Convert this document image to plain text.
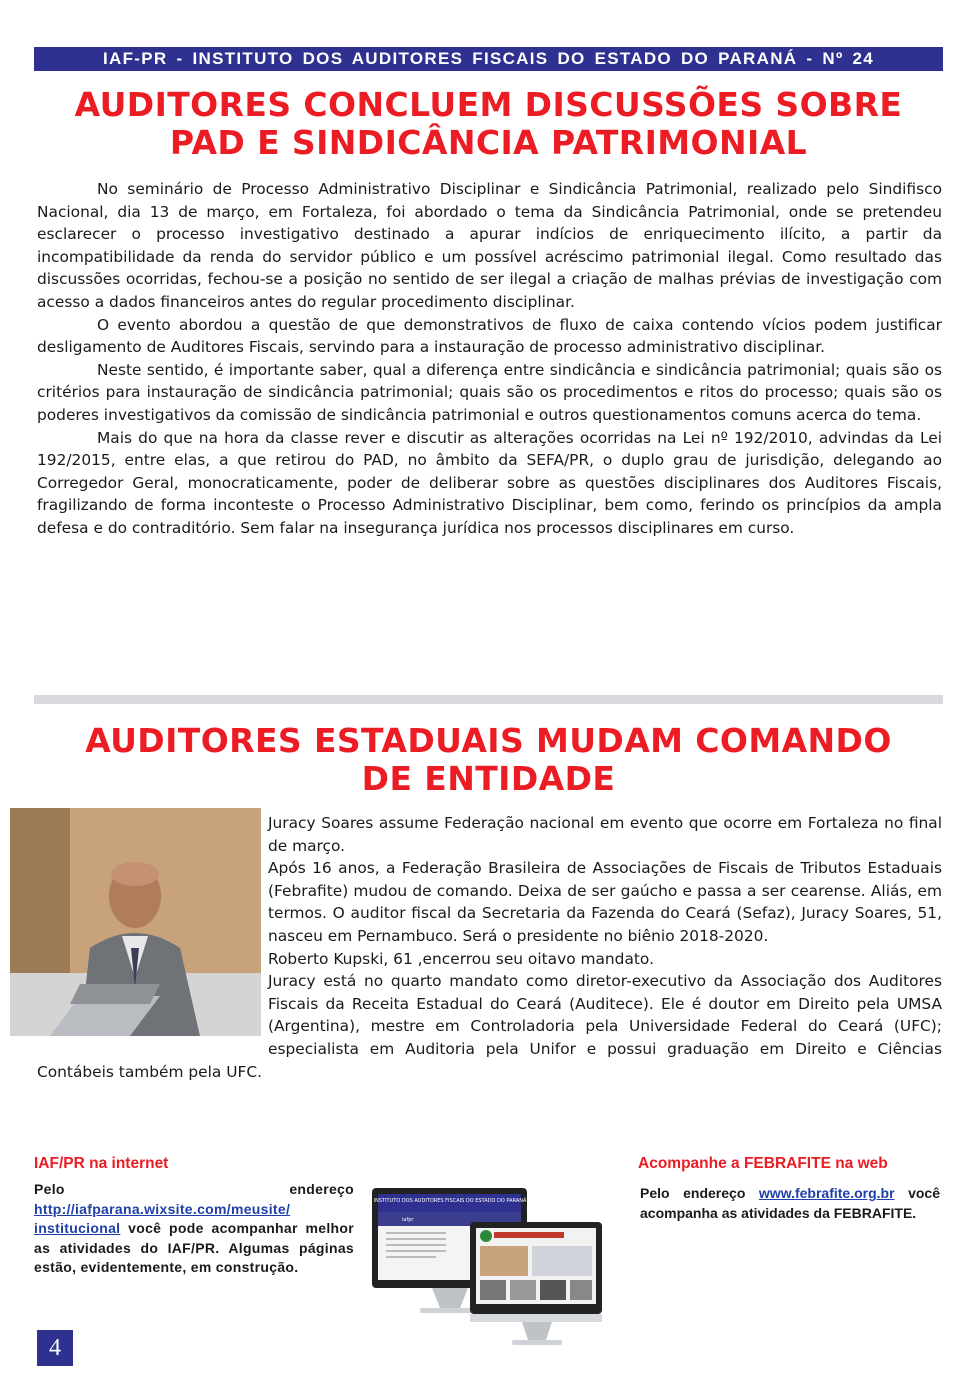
IAF-PR - INSTITUTO DOS AUDITORES FISCAIS DO ESTADO DO PARANÁ - Nº 24
AUDITORES CONCLUEM DISCUSSÕES SOBRE
PAD E SINDICÂNCIA PATRIMONIAL

No seminário de Processo Administrativo Disciplinar e Sindicância Patrimonial, realizado pelo Sindifisco Nacional, dia 13 de março, em Fortaleza, foi abordado o tema da Sindicância Patrimonial, onde se pretendeu esclarecer o processo investigativo destinado a apurar indícios de enriquecimento ilícito, a partir da incompatibilidade da renda do servidor público e um possível acréscimo patrimonial ilegal. Como resultado das discussões ocorridas, fechou-se a posição no sentido de ser ilegal a criação de malhas prévias de investigação com acesso a dados financeiros antes do regular procedimento disciplinar.

O evento abordou a questão de que demonstrativos de fluxo de caixa contendo vícios podem justificar desligamento de Auditores Fiscais, servindo para a instauração de processo administrativo disciplinar.

Neste sentido, é importante saber, qual a diferença entre sindicância e sindicância patrimonial; quais são os critérios para instauração de sindicância patrimonial; quais são os procedimentos e ritos do processo; quais são os poderes investigativos da comissão de sindicância patrimonial e outros questionamentos comuns acerca do tema.

Mais do que na hora da classe rever e discutir as alterações ocorridas na Lei nº 192/2010, advindas da Lei 192/2015, entre elas, a que retirou do PAD, no âmbito da SEFA/PR, o duplo grau de jurisdição, delegando ao Corregedor Geral, monocraticamente, poder de deliberar sobre as questões disciplinares dos Auditores Fiscais, fragilizando de forma inconteste o Processo Administrativo Disciplinar, bem como, ferindo os princípios da ampla defesa e do contraditório. Sem falar na insegurança jurídica nos processos disciplinares em curso.

AUDITORES ESTADUAIS MUDAM COMANDO
DE ENTIDADE

Juracy Soares assume Federação nacional em evento que ocorre em Fortaleza no final de março.

Após 16 anos, a Federação Brasileira de Associações de Fiscais de Tributos Estaduais (Febrafite) mudou de comando. Deixa de ser gaúcho e passa a ser cearense. Aliás, em termos. O auditor fiscal da Secretaria da Fazenda do Ceará (Sefaz), Juracy Soares, 51, nasceu em Pernambuco. Será o presidente no biênio 2018-2020.

Roberto Kupski, 61 ,encerrou seu oitavo mandato.

Juracy está no quarto mandato como diretor-executivo da Associação dos Auditores Fiscais da Receita Estadual do Ceará (Auditece). Ele é doutor em Direito pela UMSA (Argentina), mestre em Controladoria pela Universidade Federal do Ceará (UFC); especialista em Auditoria pela Unifor e possui graduação em Direito e Ciências Contábeis também pela UFC.

IAF/PR na internet
Pelo endereço http://iafparana.wixsite.com/meusite/ institucional você pode acompanhar melhor as atividades do IAF/PR. Algumas páginas estão, evidentemente, em construção.
INSTITUTO DOS AUDITORES FISCAIS DO ESTADO DO PARANÁ
iafpr
Acompanhe a FEBRAFITE na web
Pelo endereço www.febrafite.org.br você acompanha as atividades da FEBRAFITE.
4
